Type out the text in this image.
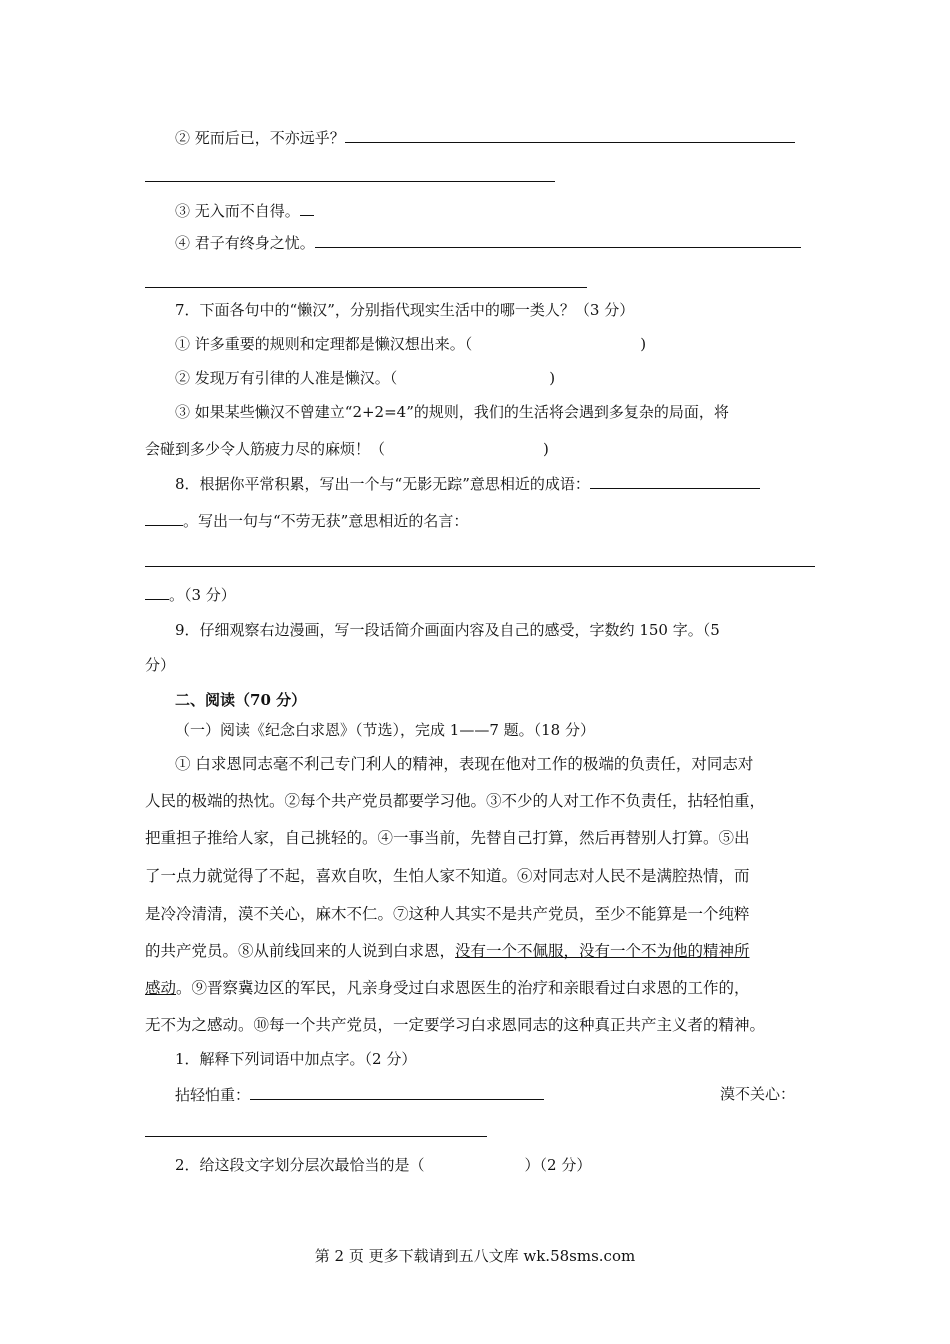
② 死而后已，不亦远乎？
③ 无入而不自得。
④ 君子有终身之忧。
7．下面各句中的“懒汉”，分别指代现实生活中的哪一类人？（3 分）
① 许多重要的规则和定理都是懒汉想出来。（	)
② 发现万有引律的人准是懒汉。（	)
③ 如果某些懒汉不曾建立“2+2=4”的规则，我们的生活将会遇到多复杂的局面，将
会碰到多少令人筋疲力尽的麻烦！（	)
8．根据你平常积累，写出一个与“无影无踪”意思相近的成语：
。写出一句与“不劳无获”意思相近的名言：
。（3 分）
9．仔细观察右边漫画，写一段话简介画面内容及自己的感受，字数约 150 字。（5
分）
二、阅读（70 分）
（一）阅读《纪念白求恩》（节选），完成 1——7 题。（18 分）
① 白求恩同志毫不利己专门利人的精神，表现在他对工作的极端的负责任，对同志对
人民的极端的热忱。②每个共产党员都要学习他。③不少的人对工作不负责任，拈轻怕重，
把重担子推给人家，自己挑轻的。④一事当前，先替自己打算，然后再替别人打算。⑤出
了一点力就觉得了不起，喜欢自吹，生怕人家不知道。⑥对同志对人民不是满腔热情，而
是冷冷清清，漠不关心，麻木不仁。⑦这种人其实不是共产党员，至少不能算是一个纯粹
的共产党员。⑧从前线回来的人说到白求恩，没有一个不佩服，没有一个不为他的精神所
感动。⑨晋察冀边区的军民，凡亲身受过白求恩医生的治疗和亲眼看过白求恩的工作的，
无不为之感动。⑩每一个共产党员，一定要学习白求恩同志的这种真正共产主义者的精神。
1．解释下列词语中加点字。（2 分）
拈轻怕重：	漠不关心：
2．给这段文字划分层次最恰当的是（	）（2 分）
第 2 页 更多下载请到五八文库 wk.58sms.com
